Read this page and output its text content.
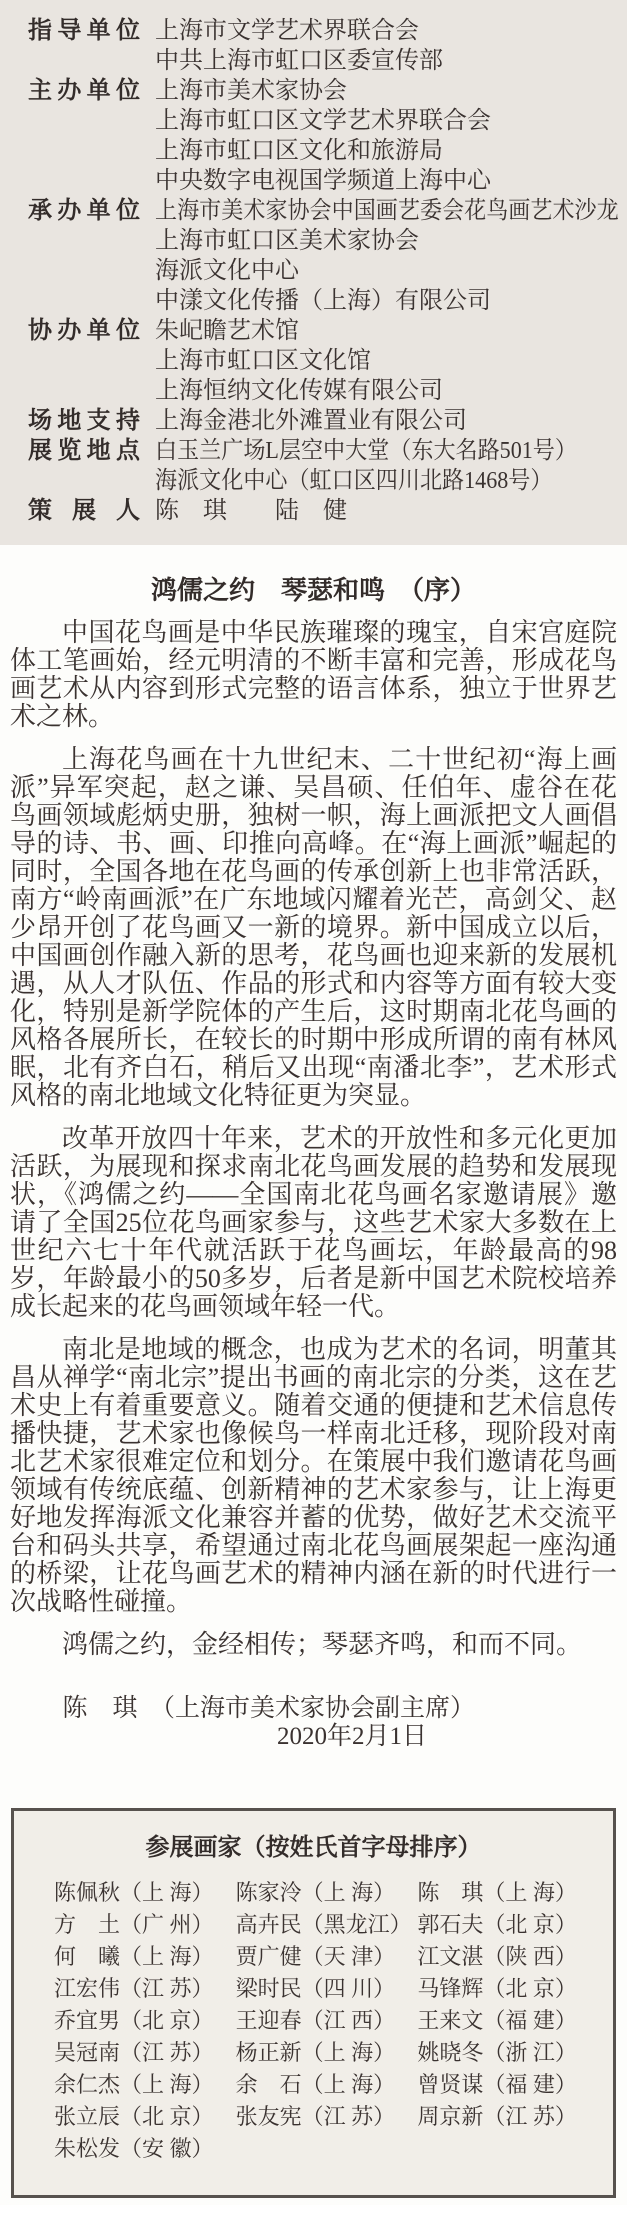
指导单位 上海市文学艺术界联合会
中共上海市虹口区委宣传部
主办单位 上海市美术家协会
上海市虹口区文学艺术界联合会
上海市虹口区文化和旅游局
中央数字电视国学频道上海中心
承办单位 上海市美术家协会中国画艺委会花鸟画艺术沙龙
上海市虹口区美术家协会
海派文化中心
中漾文化传播（上海）有限公司
协办单位 朱屺瞻艺术馆
上海市虹口区文化馆
上海恒纳文化传媒有限公司
场地支持 上海金港北外滩置业有限公司
展览地点 白玉兰广场L层空中大堂（东大名路501号）
海派文化中心（虹口区四川北路1468号）
策展人 陈　琪　　陆　健
鸿儒之约　琴瑟和鸣　（序）

中国花鸟画是中华民族璀璨的瑰宝，自宋宫庭院体工笔画始，经元明清的不断丰富和完善，形成花鸟画艺术从内容到形式完整的语言体系，独立于世界艺术之林。

上海花鸟画在十九世纪末、二十世纪初“海上画派”异军突起，赵之谦、吴昌硕、任伯年、虚谷在花鸟画领域彪炳史册，独树一帜，海上画派把文人画倡导的诗、书、画、印推向高峰。在“海上画派”崛起的同时，全国各地在花鸟画的传承创新上也非常活跃，南方“岭南画派”在广东地域闪耀着光芒，高剑父、赵少昂开创了花鸟画又一新的境界。新中国成立以后，中国画创作融入新的思考，花鸟画也迎来新的发展机遇，从人才队伍、作品的形式和内容等方面有较大变化，特别是新学院体的产生后，这时期南北花鸟画的风格各展所长，在较长的时期中形成所谓的南有林风眠，北有齐白石，稍后又出现“南潘北李”，艺术形式风格的南北地域文化特征更为突显。

改革开放四十年来，艺术的开放性和多元化更加活跃，为展现和探求南北花鸟画发展的趋势和发展现状，《鸿儒之约——全国南北花鸟画名家邀请展》邀请了全国25位花鸟画家参与，这些艺术家大多数在上世纪六七十年代就活跃于花鸟画坛，年龄最高的98岁，年龄最小的50多岁，后者是新中国艺术院校培养成长起来的花鸟画领域年轻一代。

南北是地域的概念，也成为艺术的名词，明董其昌从禅学“南北宗”提出书画的南北宗的分类，这在艺术史上有着重要意义。随着交通的便捷和艺术信息传播快捷，艺术家也像候鸟一样南北迁移，现阶段对南北艺术家很难定位和划分。在策展中我们邀请花鸟画领域有传统底蕴、创新精神的艺术家参与，让上海更好地发挥海派文化兼容并蓄的优势，做好艺术交流平台和码头共享，希望通过南北花鸟画展架起一座沟通的桥梁，让花鸟画艺术的精神内涵在新的时代进行一次战略性碰撞。

鸿儒之约，金经相传；琴瑟齐鸣，和而不同。

陈　琪　（上海市美术家协会副主席）
2020年2月1日
参展画家（按姓氏首字母排序）
陈佩秋（上 海）	陈家泠（上 海）	陈　琪（上 海）
方　土（广 州）	高卉民（黑龙江） 郭石夫（北 京）
何　曦（上 海）	贾广健（天 津）	江文湛（陕 西）
江宏伟（江 苏）	梁时民（四 川）	马锋辉（北 京）
乔宜男（北 京）	王迎春（江 西）	王来文（福 建）
吴冠南（江 苏）	杨正新（上 海）	姚晓冬（浙 江）
余仁杰（上 海）	余　石（上 海）	曾贤谋（福 建）
张立辰（北 京）	张友宪（江 苏）	周京新（江 苏）
朱松发（安 徽）
